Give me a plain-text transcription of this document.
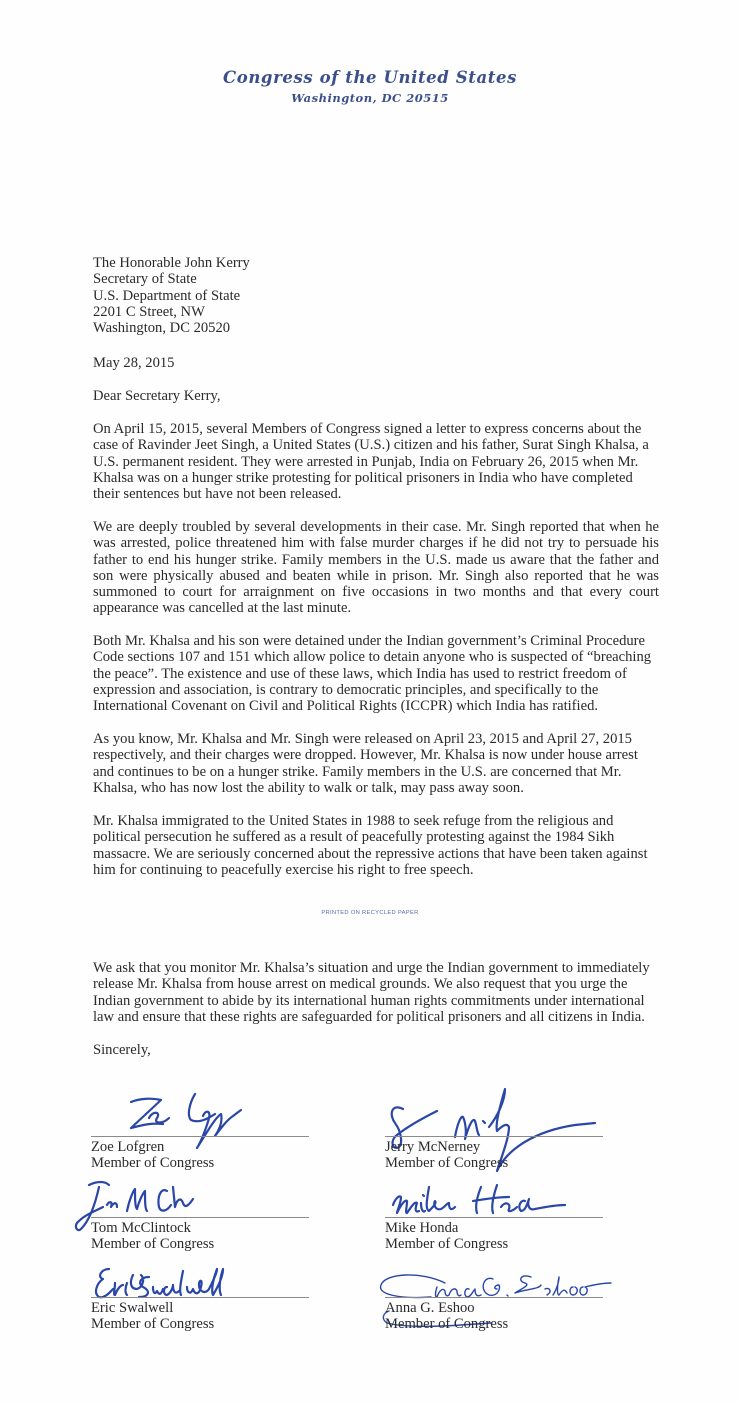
Congress of the United States
Washington, DC 20515
The Honorable John Kerry
Secretary of State
U.S. Department of State
2201 C Street, NW
Washington, DC 20520
May 28, 2015
Dear Secretary Kerry,
On April 15, 2015, several Members of Congress signed a letter to express concerns about the
case of Ravinder Jeet Singh, a United States (U.S.) citizen and his father, Surat Singh Khalsa, a
U.S. permanent resident. They were arrested in Punjab, India on February 26, 2015 when Mr.
Khalsa was on a hunger strike protesting for political prisoners in India who have completed
their sentences but have not been released.
We are deeply troubled by several developments in their case. Mr. Singh reported that when he
was arrested, police threatened him with false murder charges if he did not try to persuade his
father to end his hunger strike. Family members in the U.S. made us aware that the father and
son were physically abused and beaten while in prison. Mr. Singh also reported that he was
summoned to court for arraignment on five occasions in two months and that every court
appearance was cancelled at the last minute.
Both Mr. Khalsa and his son were detained under the Indian government’s Criminal Procedure
Code sections 107 and 151 which allow police to detain anyone who is suspected of “breaching
the peace”. The existence and use of these laws, which India has used to restrict freedom of
expression and association, is contrary to democratic principles, and specifically to the
International Covenant on Civil and Political Rights (ICCPR) which India has ratified.
As you know, Mr. Khalsa and Mr. Singh were released on April 23, 2015 and April 27, 2015
respectively, and their charges were dropped. However, Mr. Khalsa is now under house arrest
and continues to be on a hunger strike. Family members in the U.S. are concerned that Mr.
Khalsa, who has now lost the ability to walk or talk, may pass away soon.
Mr. Khalsa immigrated to the United States in 1988 to seek refuge from the religious and
political persecution he suffered as a result of peacefully protesting against the 1984 Sikh
massacre. We are seriously concerned about the repressive actions that have been taken against
him for continuing to peacefully exercise his right to free speech.
PRINTED ON RECYCLED PAPER
We ask that you monitor Mr. Khalsa’s situation and urge the Indian government to immediately
release Mr. Khalsa from house arrest on medical grounds. We also request that you urge the
Indian government to abide by its international human rights commitments under international
law and ensure that these rights are safeguarded for political prisoners and all citizens in India.
Sincerely,
Zoe Lofgren
Member of Congress
Jerry McNerney
Member of Congress
Tom McClintock
Member of Congress
Mike Honda
Member of Congress
Eric Swalwell
Member of Congress
Anna G. Eshoo
Member of Congress
